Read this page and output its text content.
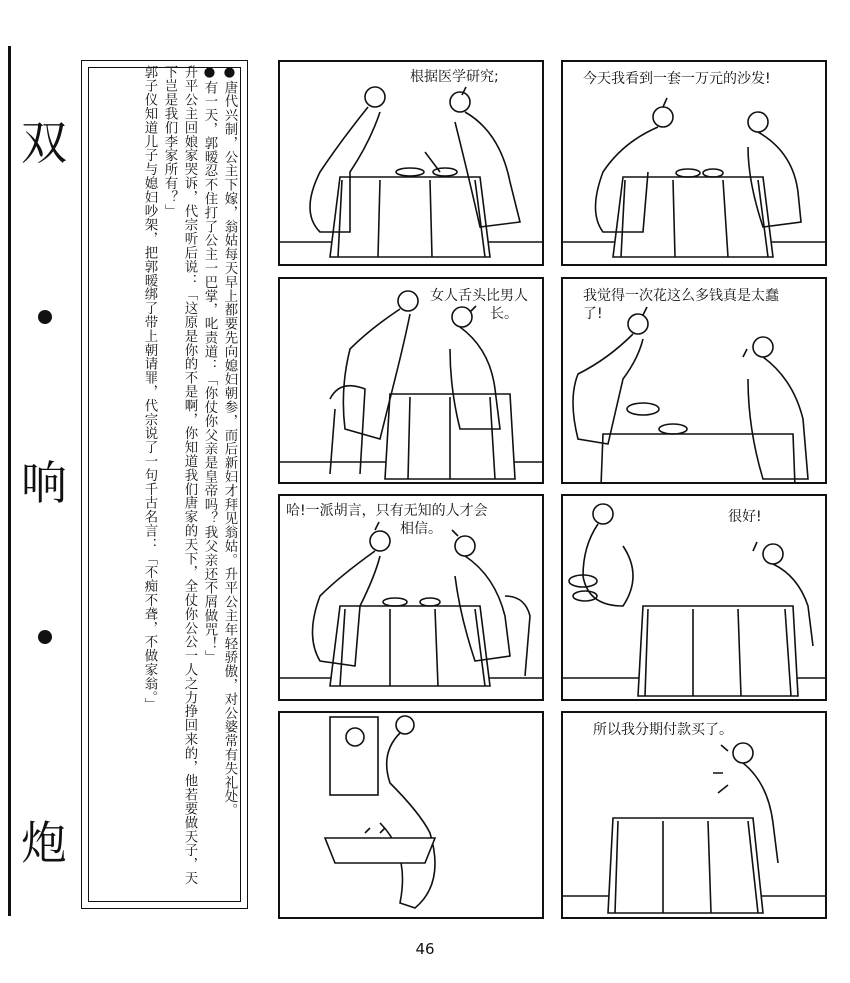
双
响
炮

●唐代兴制，公主下嫁，翁姑每天早上都要先向媳妇朝参，而后新妇才拜见翁姑。升平公主年轻骄傲，对公婆常有失礼处。

●有一天，郭暧忍不住打了公主一巴掌，叱责道：「你仗你父亲是皇帝吗？我父亲还不屑做咒！」

升平公主回娘家哭诉，代宗听后说：「这原是你的不是啊，你知道我们唐家的天下，全仗你公公一人之力挣回来的，他若要做天子，天下岂是我们李家所有？」

郭子仪知道儿子与媳妇吵架，把郭暧绑了带上朝请罪，代宗说了一句千古名言：「不痴不聋，不做家翁。」	根据医学研究;	今天我看到一套一万元的沙发!
女人舌头比男人
长。
我觉得一次花这么多钱真是太蠢
了!
哈!一派胡言，只有无知的人才会
相信。
很好!
所以我分期付款买了。
46
